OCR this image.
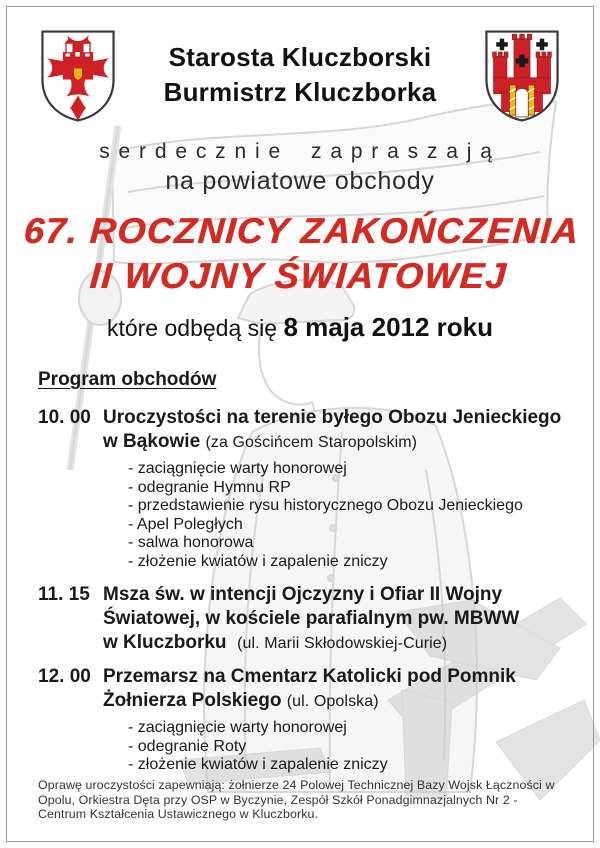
Starosta Kluczborski
Burmistrz Kluczborka
serdecznie zapraszają
na powiatowe obchody
67. ROCZNICY ZAKOŃCZENIA
II WOJNY ŚWIATOWEJ
które odbędą się 8 maja 2012 roku
Program obchodów
10. 00 Uroczystości na terenie byłego Obozu Jenieckiego
w Bąkowie (za Gościńcem Staropolskim)
- zaciągnięcie warty honorowej
- odegranie Hymnu RP
- przedstawienie rysu historycznego Obozu Jenieckiego
- Apel Poległych
- salwa honorowa
- złożenie kwiatów i zapalenie zniczy
11. 15 Msza św. w intencji Ojczyzny i Ofiar II Wojny
Światowej, w kościele parafialnym pw. MBWW
w Kluczborku (ul. Marii Skłodowskiej-Curie)
12. 00 Przemarsz na Cmentarz Katolicki pod Pomnik
Żołnierza Polskiego (ul. Opolska)
- zaciągnięcie warty honorowej
- odegranie Roty
- złożenie kwiatów i zapalenie zniczy
Oprawę uroczystości zapewniają: żołnierze 24 Polowej Technicznej Bazy Wojsk Łączności w Opolu, Orkiestra Dęta przy OSP w Byczynie, Zespół Szkół Ponadgimnazjalnych Nr 2 - Centrum Kształcenia Ustawicznego w Kluczborku.
